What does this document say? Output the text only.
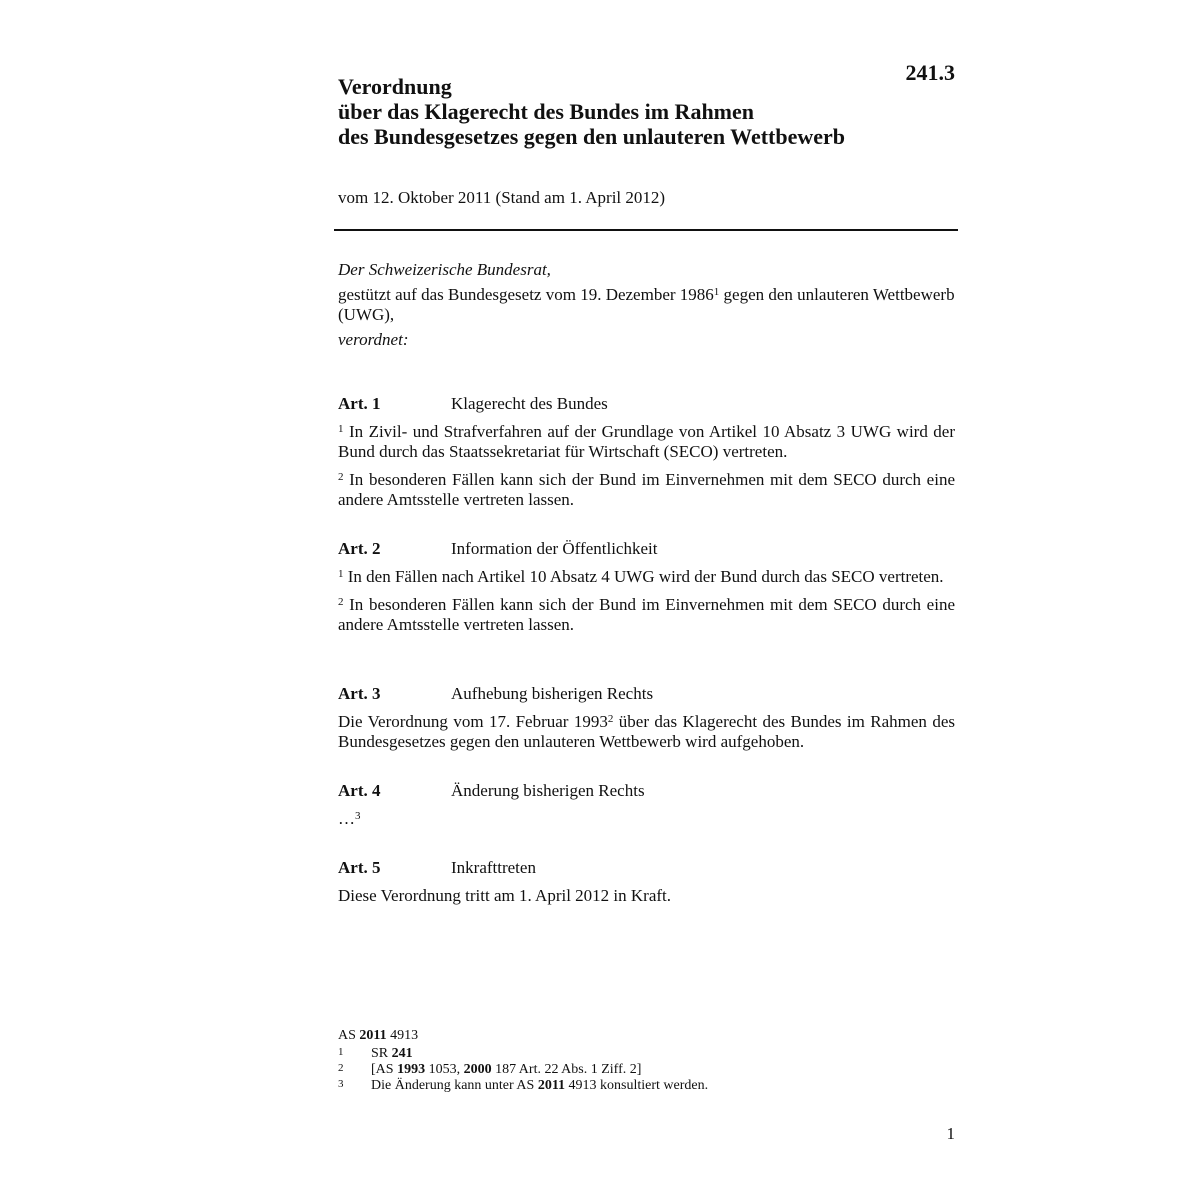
241.3
Verordnung
über das Klagerecht des Bundes im Rahmen
des Bundesgesetzes gegen den unlauteren Wettbewerb
vom 12. Oktober 2011 (Stand am 1. April 2012)

Der Schweizerische Bundesrat,

gestützt auf das Bundesgesetz vom 19. Dezember 1986$^1$ gegen den unlauteren Wettbewerb (UWG),

verordnet:

Art. 1	Klagerecht des Bundes

$^1$ In Zivil- und Strafverfahren auf der Grundlage von Artikel 10 Absatz 3 UWG wird der Bund durch das Staatssekretariat für Wirtschaft (SECO) vertreten.

$^2$ In besonderen Fällen kann sich der Bund im Einvernehmen mit dem SECO durch eine andere Amtsstelle vertreten lassen.

Art. 2	Information der Öffentlichkeit

$^1$ In den Fällen nach Artikel 10 Absatz 4 UWG wird der Bund durch das SECO vertreten.

$^2$ In besonderen Fällen kann sich der Bund im Einvernehmen mit dem SECO durch eine andere Amtsstelle vertreten lassen.

Art. 3	Aufhebung bisherigen Rechts

Die Verordnung vom 17. Februar 1993$^2$ über das Klagerecht des Bundes im Rahmen des Bundesgesetzes gegen den unlauteren Wettbewerb wird aufgehoben.

Art. 4	Änderung bisherigen Rechts

…$^3$

Art. 5	Inkrafttreten

Diese Verordnung tritt am 1. April 2012 in Kraft.

AS 2011 4913
1	SR 241
2	[AS 1993 1053, 2000 187 Art. 22 Abs. 1 Ziff. 2]
3	Die Änderung kann unter AS 2011 4913 konsultiert werden.
1
